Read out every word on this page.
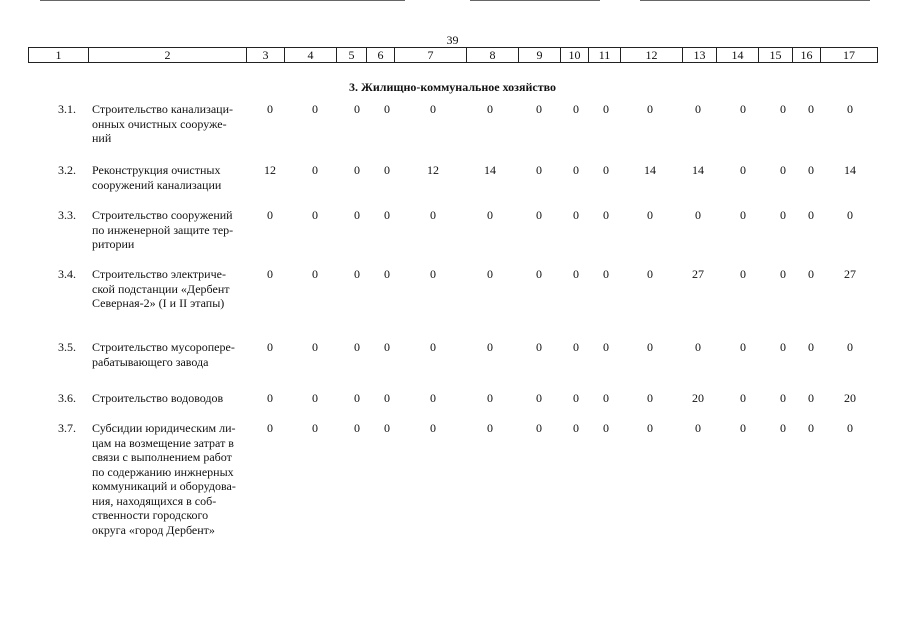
39
1	2	3	4	5	6	7	8	9	10	11	12	13	14	15	16	17
3. Жилищно-коммунальное хозяйство
3.1. Строительство канализаци-
онных очистных сооруже-
ний
0	0	0	0	0	0	0	0	0	0	0	0	0	0	0
3.2. Реконструкция очистных
сооружений канализации
12	0	0	0	12	14	0	0	0	14	14	0	0	0	14
3.3. Строительство сооружений
по инженерной защите тер-
ритории
0	0	0	0	0	0	0	0	0	0	0	0	0	0	0
3.4. Строительство электриче-
ской подстанции «Дербент
Северная-2» (I и II этапы)
0	0	0	0	0	0	0	0	0	0	27	0	0	0	27
3.5. Строительство мусоропере-
рабатывающего завода
0	0	0	0	0	0	0	0	0	0	0	0	0	0	0
3.6. Строительство водоводов	0	0	0	0	0	0	0	0	0	0	20	0	0	0	20
3.7. Субсидии юридическим ли-
цам на возмещение затрат в
связи с выполнением работ
по содержанию инжнерных
коммуникаций и оборудова-
ния, находящихся в соб-
ственности городского
округа «город Дербент»
0	0	0	0	0	0	0	0	0	0	0	0	0	0	0
